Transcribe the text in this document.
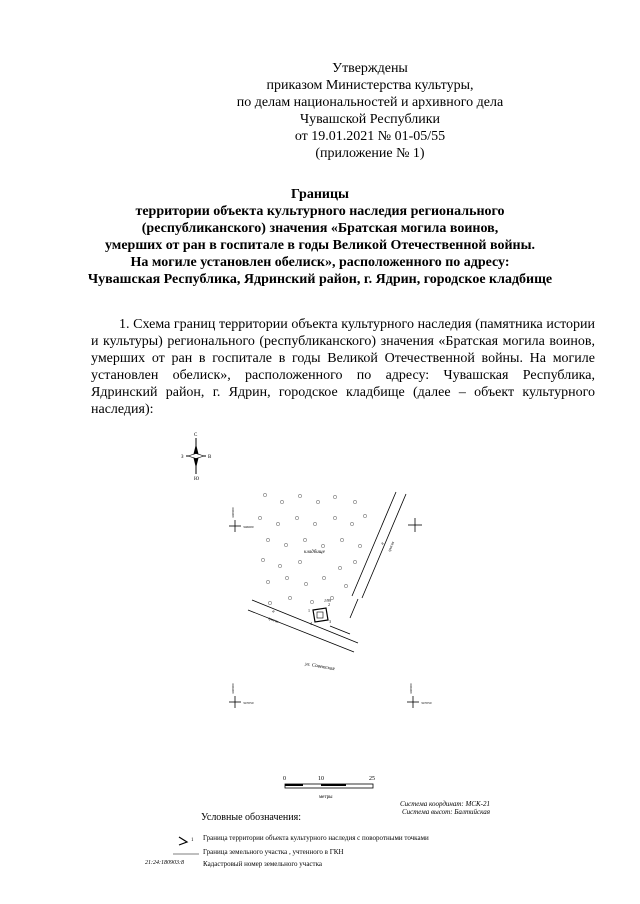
Утверждены
приказом Министерства культуры,
по делам национальностей и архивного дела
Чувашской Республики
от 19.01.2021 № 01-05/55
(приложение № 1)
Границы
территории объекта культурного наследия регионального
(республиканского) значения «Братская могила воинов,
умерших от ран в госпитале в годы Великой Отечественной войны.
На могиле установлен обелиск», расположенного по адресу:
Чувашская Республика, Ядринский район, г. Ядрин, городское кладбище

1. Схема границ территории объекта культурного наследия (памятника истории и культуры) регионального (республиканского) значения «Братская могила воинов, умерших от ран в госпитале в годы Великой Отечественной войны. На могиле установлен обелиск», расположенного по адресу: Чувашская Республика, Ядринский район, г. Ядрин, городское кладбище (далее – объект культурного наследия):

С
Ю
З	В
346900
346600
346900
347050
346900
347050
кладбище
н грасвх
н
грасвх
1
2
3
4
1/99
ул. Советская
0	10	25
метры
Система координат: МСК-21
Система высот: Балтийская
Условные обозначения:
1 Граница территории объекта культурного наследия с поворотными точками
Граница земельного участка , учтенного в ГКН
21:24:180903:8	Кадастровый номер земельного участка
